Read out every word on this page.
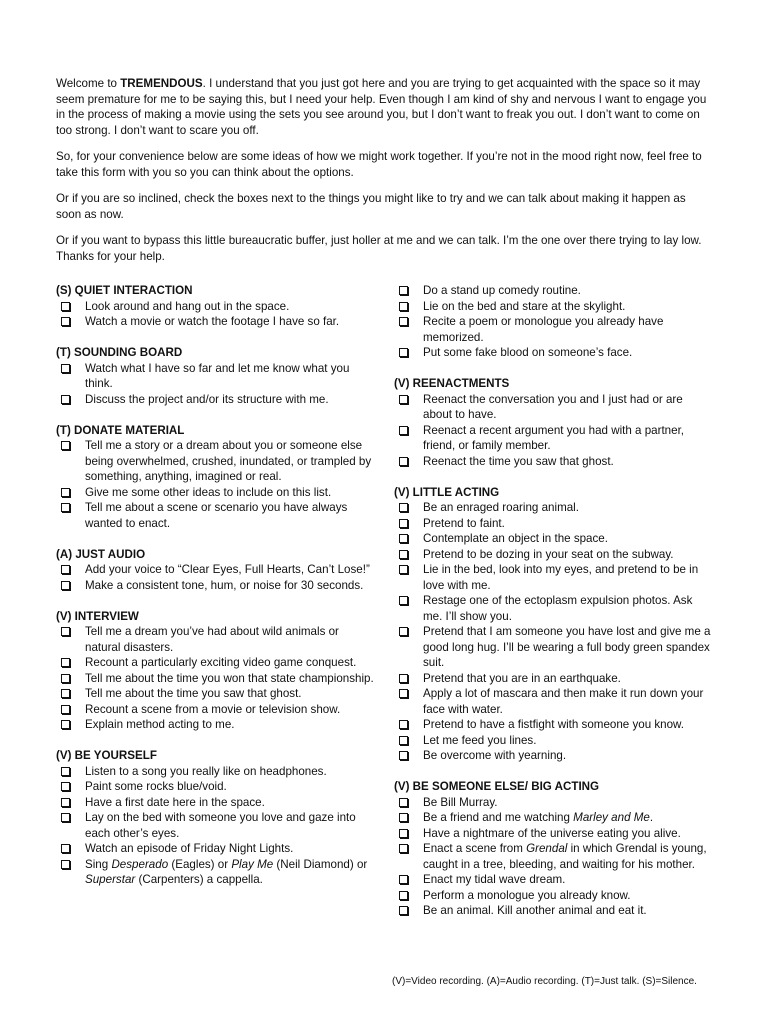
Welcome to TREMENDOUS. I understand that you just got here and you are trying to get acquainted with the space so it may seem premature for me to be saying this, but I need your help. Even though I am kind of shy and nervous I want to engage you in the process of making a movie using the sets you see around you, but I don’t want to freak you out. I don’t want to come on too strong. I don’t want to scare you off.

So, for your convenience below are some ideas of how we might work together. If you’re not in the mood right now, feel free to take this form with you so you can think about the options.

Or if you are so inclined, check the boxes next to the things you might like to try and we can talk about making it happen as soon as now.

Or if you want to bypass this little bureaucratic buffer, just holler at me and we can talk. I’m the one over there trying to lay low. Thanks for your help.

(S) QUIET INTERACTION
Look around and hang out in the space.
Watch a movie or watch the footage I have so far.
(T) SOUNDING BOARD
Watch what I have so far and let me know what you think.
Discuss the project and/or its structure with me.
(T) DONATE MATERIAL
Tell me a story or a dream about you or someone else being overwhelmed, crushed, inundated, or trampled by something, anything, imagined or real.
Give me some other ideas to include on this list.
Tell me about a scene or scenario you have always wanted to enact.
(A) JUST AUDIO
Add your voice to “Clear Eyes, Full Hearts, Can’t Lose!”
Make a consistent tone, hum, or noise for 30 seconds.
(V) INTERVIEW
Tell me a dream you’ve had about wild animals or natural disasters.
Recount a particularly exciting video game conquest.
Tell me about the time you won that state championship.
Tell me about the time you saw that ghost.
Recount a scene from a movie or television show.
Explain method acting to me.
(V) BE YOURSELF
Listen to a song you really like on headphones.
Paint some rocks blue/void.
Have a first date here in the space.
Lay on the bed with someone you love and gaze into each other’s eyes.
Watch an episode of Friday Night Lights.
Sing Desperado (Eagles) or Play Me (Neil Diamond) or Superstar (Carpenters) a cappella.
Do a stand up comedy routine.
Lie on the bed and stare at the skylight.
Recite a poem or monologue you already have memorized.
Put some fake blood on someone’s face.
(V) REENACTMENTS
Reenact the conversation you and I just had or are about to have.
Reenact a recent argument you had with a partner, friend, or family member.
Reenact the time you saw that ghost.
(V) LITTLE ACTING
Be an enraged roaring animal.
Pretend to faint.
Contemplate an object in the space.
Pretend to be dozing in your seat on the subway.
Lie in the bed, look into my eyes, and pretend to be in love with me.
Restage one of the ectoplasm expulsion photos. Ask me. I’ll show you.
Pretend that I am someone you have lost and give me a good long hug. I’ll be wearing a full body green spandex suit.
Pretend that you are in an earthquake.
Apply a lot of mascara and then make it run down your face with water.
Pretend to have a fistfight with someone you know.
Let me feed you lines.
Be overcome with yearning.
(V) BE SOMEONE ELSE/ BIG ACTING
Be Bill Murray.
Be a friend and me watching Marley and Me.
Have a nightmare of the universe eating you alive.
Enact a scene from Grendal in which Grendal is young, caught in a tree, bleeding, and waiting for his mother.
Enact my tidal wave dream.
Perform a monologue you already know.
Be an animal. Kill another animal and eat it.
(V)=Video recording. (A)=Audio recording. (T)=Just talk. (S)=Silence.
